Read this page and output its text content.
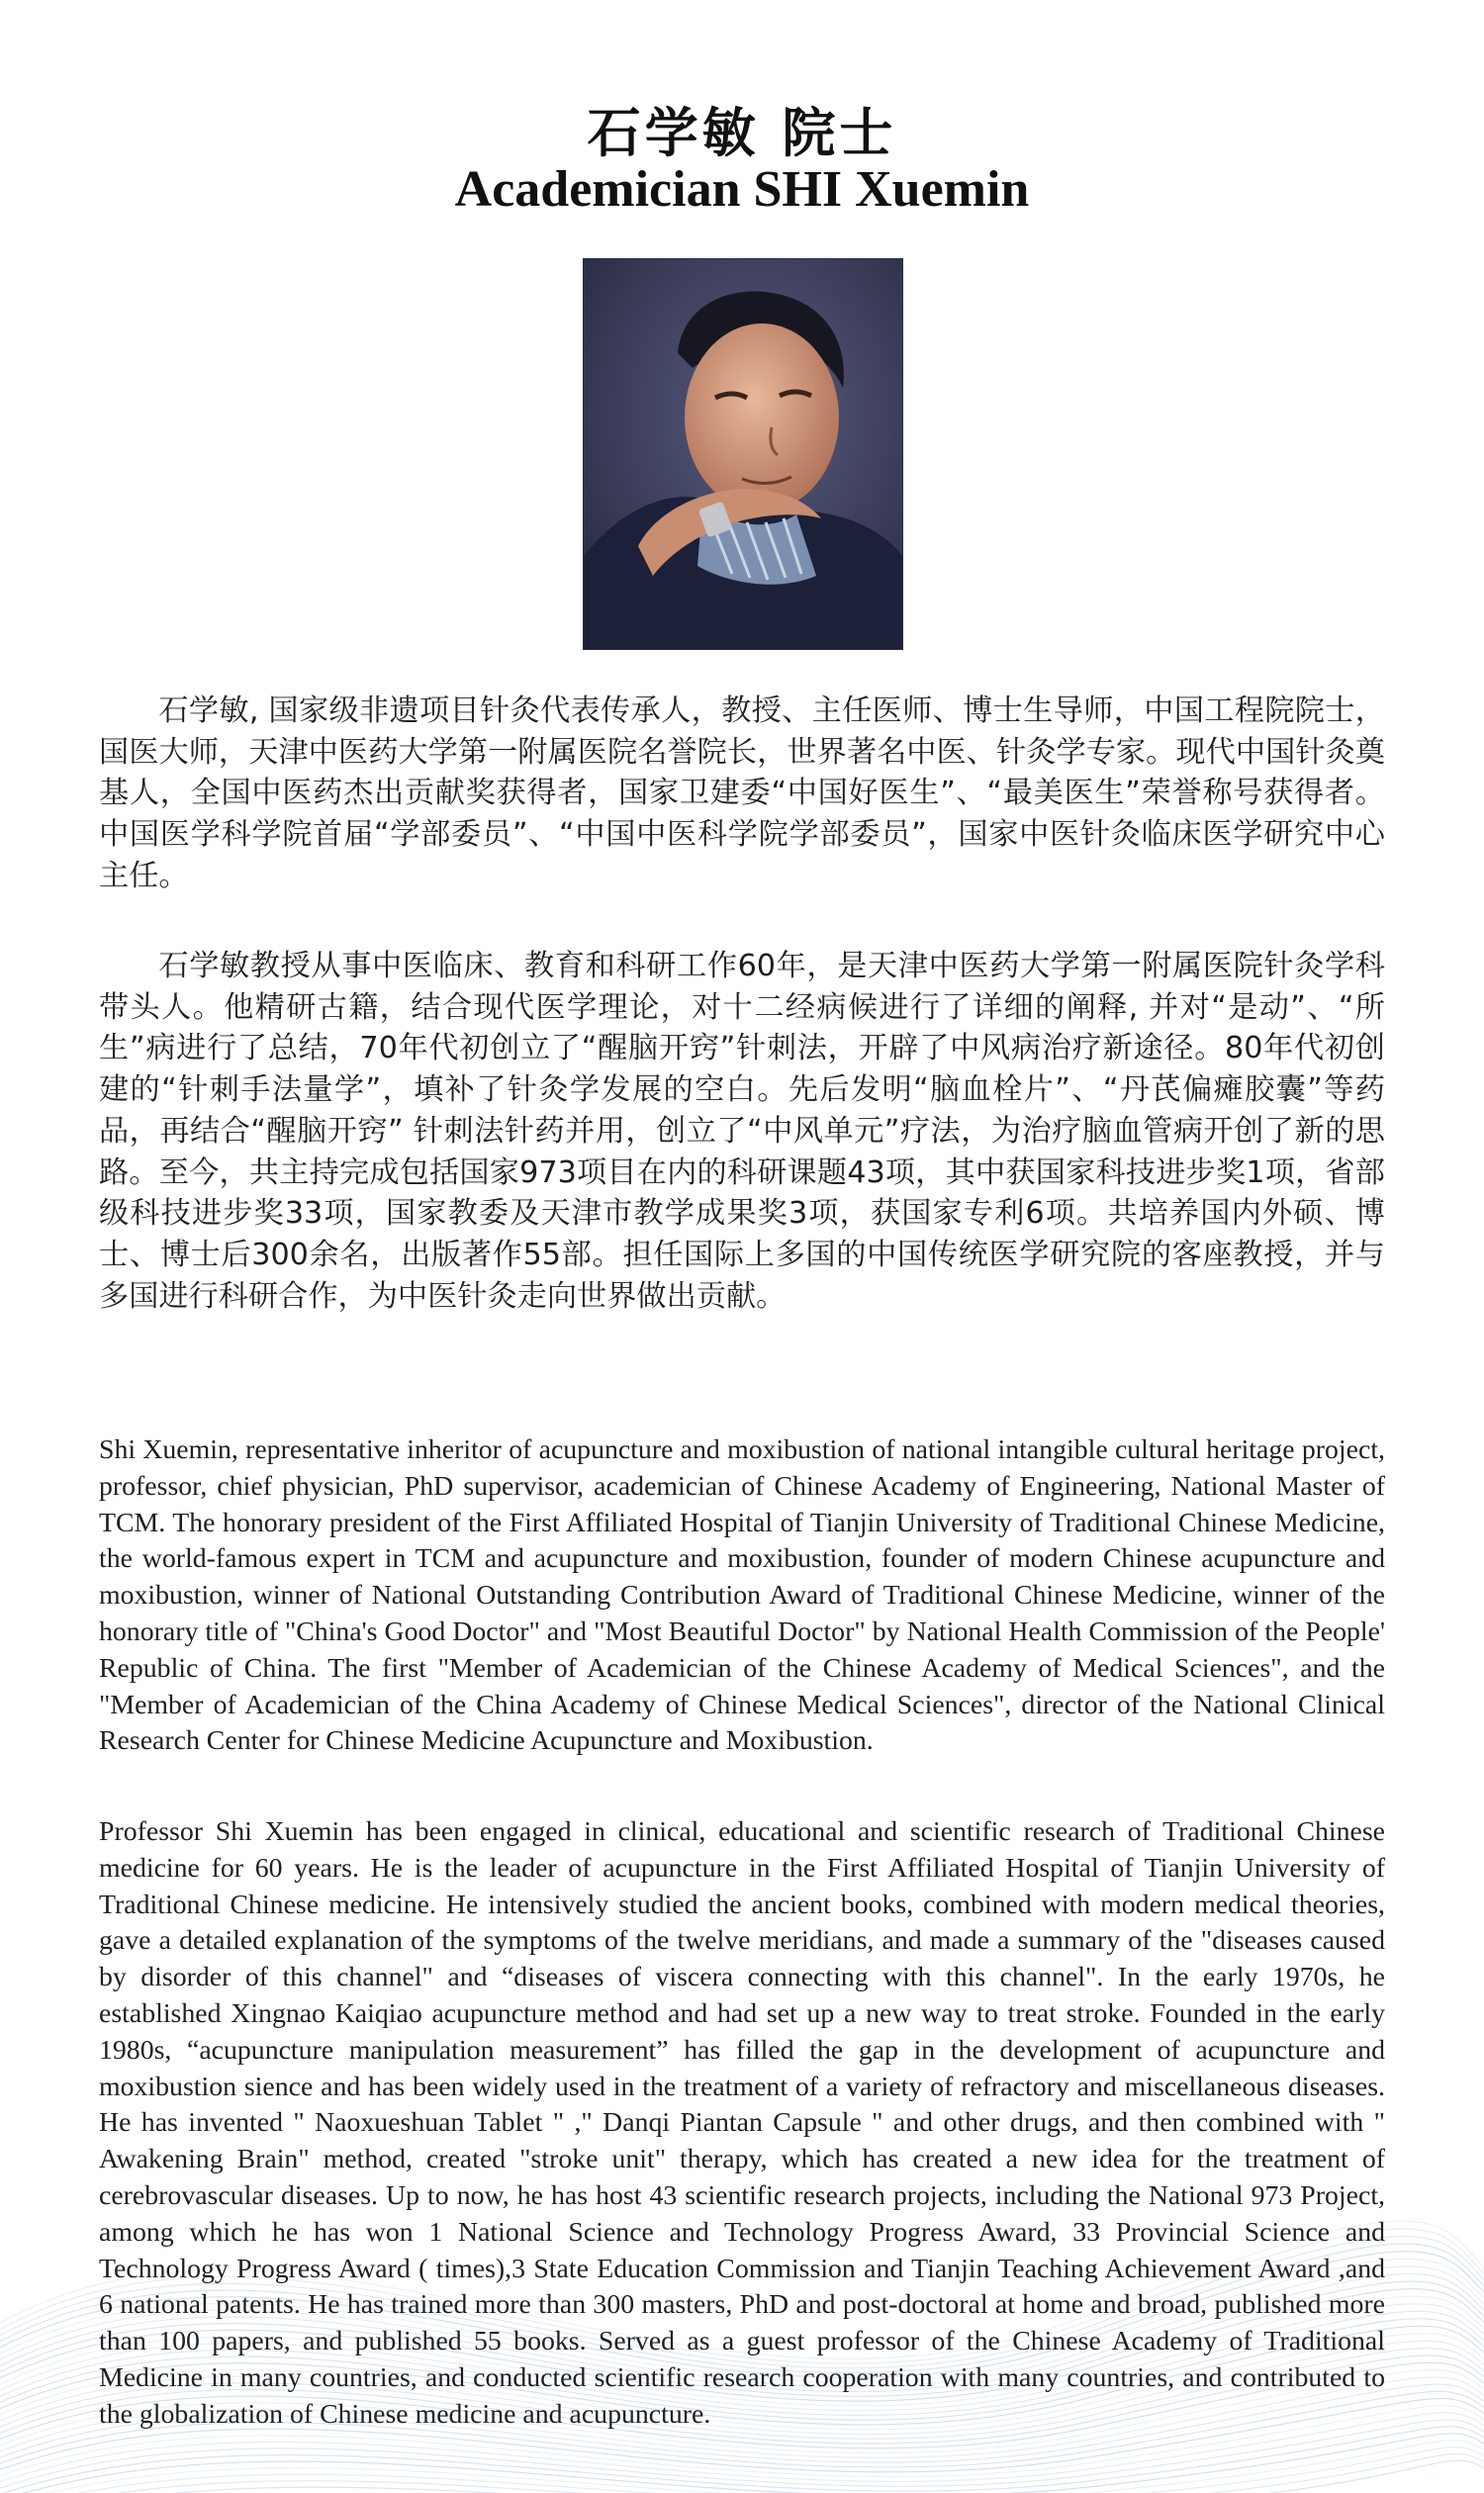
石学敏 院士
Academician SHI Xuemin

石学敏, 国家级非遗项目针灸代表传承人，教授、主任医师、博士生导师，中国工程院院士，国医大师，天津中医药大学第一附属医院名誉院长，世界著名中医、针灸学专家。现代中国针灸奠基人，全国中医药杰出贡献奖获得者，国家卫建委“中国好医生”、“最美医生”荣誉称号获得者。中国医学科学院首届“学部委员”、“中国中医科学院学部委员”，国家中医针灸临床医学研究中心主任。

石学敏教授从事中医临床、教育和科研工作60年，是天津中医药大学第一附属医院针灸学科带头人。他精研古籍，结合现代医学理论，对十二经病候进行了详细的阐释, 并对“是动”、“所生”病进行了总结，70年代初创立了“醒脑开窍”针刺法，开辟了中风病治疗新途径。80年代初创建的“针刺手法量学”，填补了针灸学发展的空白。先后发明“脑血栓片”、“丹芪偏瘫胶囊”等药品，再结合“醒脑开窍” 针刺法针药并用，创立了“中风单元”疗法，为治疗脑血管病开创了新的思路。至今，共主持完成包括国家973项目在内的科研课题43项，其中获国家科技进步奖1项，省部级科技进步奖33项，国家教委及天津市教学成果奖3项，获国家专利6项。共培养国内外硕、博士、博士后300余名，出版著作55部。担任国际上多国的中国传统医学研究院的客座教授，并与多国进行科研合作，为中医针灸走向世界做出贡献。

Shi Xuemin, representative inheritor of acupuncture and moxibustion of national intangible cultural heritage project, professor, chief physician, PhD supervisor, academician of Chinese Academy of Engineering, National Master of TCM. The honorary president of the First Affiliated Hospital of Tianjin University of Traditional Chinese Medicine, the world-famous expert in TCM and acupuncture and moxibustion, founder of modern Chinese acupuncture and moxibustion, winner of National Outstanding Contribution Award of Traditional Chinese Medicine, winner of the honorary title of "China's Good Doctor" and "Most Beautiful Doctor" by National Health Commission of the People' Republic of China. The first "Member of Academician of the Chinese Academy of Medical Sciences", and the "Member of Academician of the China Academy of Chinese Medical Sciences", director of the National Clinical Research Center for Chinese Medicine Acupuncture and Moxibustion.

Professor Shi Xuemin has been engaged in clinical, educational and scientific research of Traditional Chinese medicine for 60 years. He is the leader of acupuncture in the First Affiliated Hospital of Tianjin University of Traditional Chinese medicine. He intensively studied the ancient books, combined with modern medical theories, gave a detailed explanation of the symptoms of the twelve meridians, and made a summary of the "diseases caused by disorder of this channel" and “diseases of viscera connecting with this channel". In the early 1970s, he established Xingnao Kaiqiao acupuncture method and had set up a new way to treat stroke. Founded in the early 1980s, “acupuncture manipulation measurement” has filled the gap in the development of acupuncture and moxibustion sience and has been widely used in the treatment of a variety of refractory and miscellaneous diseases. He has invented " Naoxueshuan Tablet " ," Danqi Piantan Capsule " and other drugs, and then combined with " Awakening Brain" method, created "stroke unit" therapy, which has created a new idea for the treatment of cerebrovascular diseases. Up to now, he has host 43 scientific research projects, including the National 973 Project, among which he has won 1 National Science and Technology Progress Award, 33 Provincial Science and Technology Progress Award ( times),3 State Education Commission and Tianjin Teaching Achievement Award ,and 6 national patents. He has trained more than 300 masters, PhD and post-doctoral at home and broad, published more than 100 papers, and published 55 books. Served as a guest professor of the Chinese Academy of Traditional Medicine in many countries, and conducted scientific research cooperation with many countries, and contributed to the globalization of Chinese medicine and acupuncture.
